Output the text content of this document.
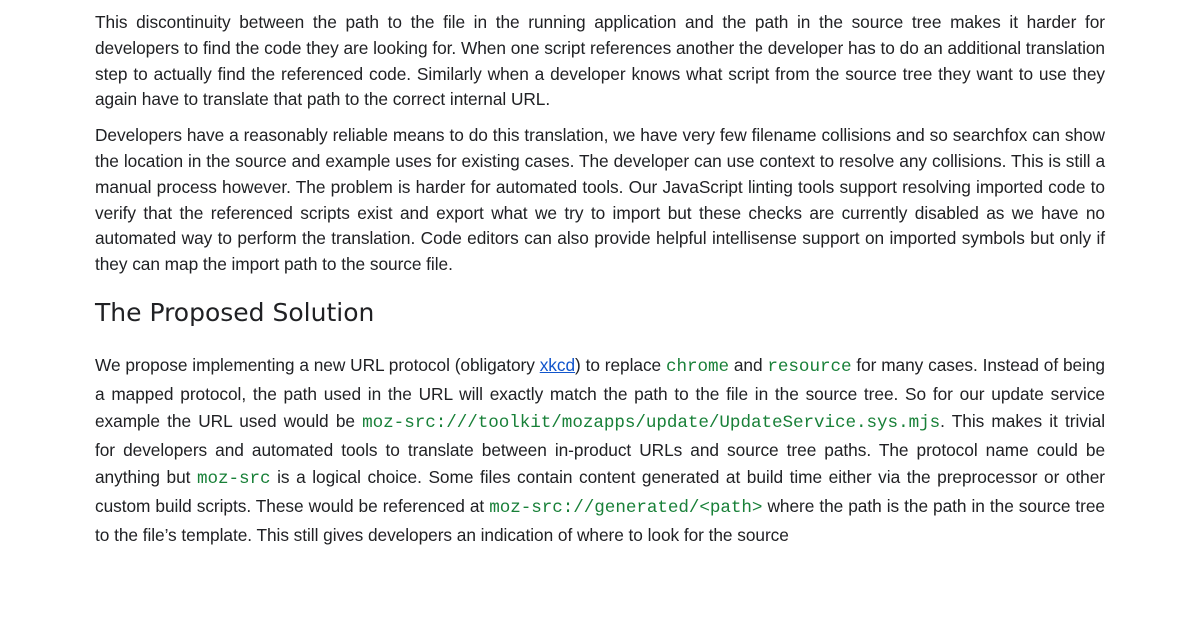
This discontinuity between the path to the file in the running application and the path in the source tree makes it harder for developers to find the code they are looking for. When one script references another the developer has to do an additional translation step to actually find the referenced code. Similarly when a developer knows what script from the source tree they want to use they again have to translate that path to the correct internal URL.

Developers have a reasonably reliable means to do this translation, we have very few filename collisions and so searchfox can show the location in the source and example uses for existing cases. The developer can use context to resolve any collisions. This is still a manual process however. The problem is harder for automated tools. Our JavaScript linting tools support resolving imported code to verify that the referenced scripts exist and export what we try to import but these checks are currently disabled as we have no automated way to perform the translation. Code editors can also provide helpful intellisense support on imported symbols but only if they can map the import path to the source file.

The Proposed Solution

We propose implementing a new URL protocol (obligatory xkcd) to replace chrome and resource for many cases. Instead of being a mapped protocol, the path used in the URL will exactly match the path to the file in the source tree. So for our update service example the URL used would be moz-src:///toolkit/mozapps/update/UpdateService.sys.mjs. This makes it trivial for developers and automated tools to translate between in-product URLs and source tree paths. The protocol name could be anything but moz-src is a logical choice. Some files contain content generated at build time either via the preprocessor or other custom build scripts. These would be referenced at moz-src://generated/<path> where the path is the path in the source tree to the file’s template. This still gives developers an indication of where to look for the source
